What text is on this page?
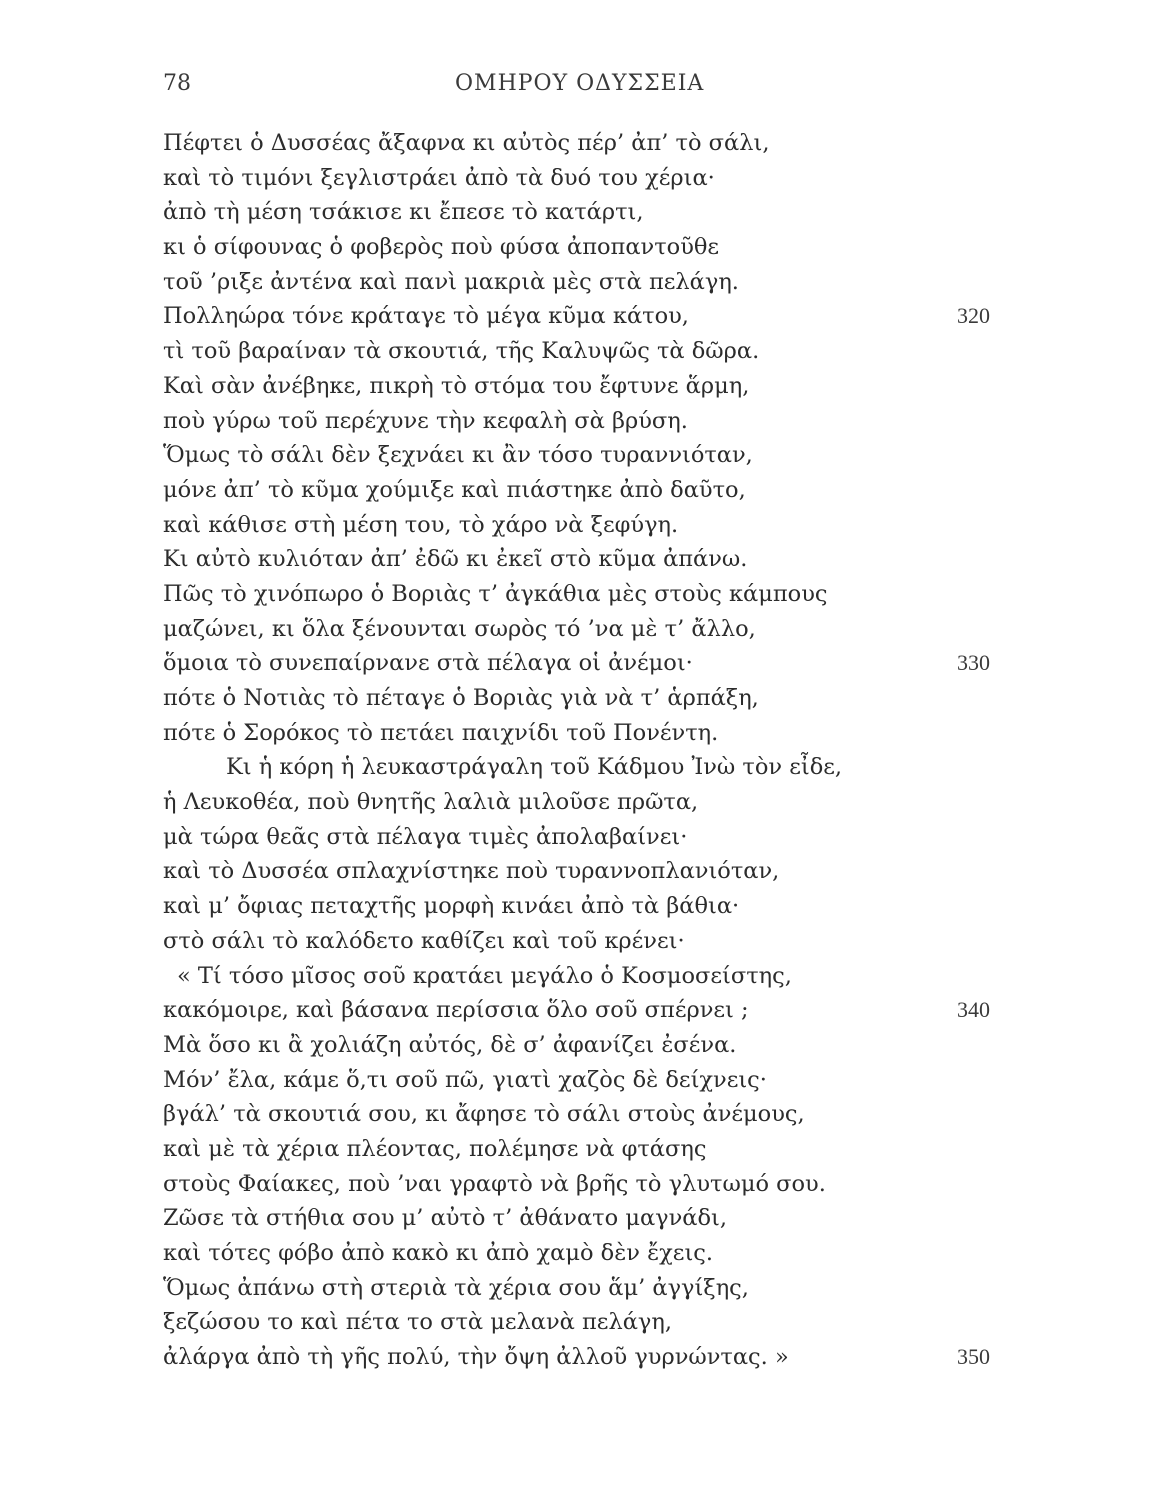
78	ΟΜΗΡΟΥ ΟΔΥΣΣΕΙΑ
Πέφτει ὁ Δυσσέας ἄξαφνα κι αὐτὸς πέρ’ ἀπ’ τὸ σάλι,
καὶ τὸ τιμόνι ξεγλιστράει ἀπὸ τὰ δυό του χέρια·
ἀπὸ τὴ μέση τσάκισε κι ἔπεσε τὸ κατάρτι,
κι ὁ σίφουνας ὁ φοβερὸς ποὺ φύσα ἀποπαντοῦθε
τοῦ ’ριξε ἀντένα καὶ πανὶ μακριὰ μὲς στὰ πελάγη.
Πολληώρα τόνε κράταγε τὸ μέγα κῦμα κάτου,	320
τὶ τοῦ βαραίναν τὰ σκουτιά, τῆς Καλυψῶς τὰ δῶρα.
Καὶ σὰν ἀνέβηκε, πικρὴ τὸ στόμα του ἔφτυνε ἅρμη,
ποὺ γύρω τοῦ περέχυνε τὴν κεφαλὴ σὰ βρύση.
Ὅμως τὸ σάλι δὲν ξεχνάει κι ἂν τόσο τυραννιόταν,
μόνε ἀπ’ τὸ κῦμα χούμιξε καὶ πιάστηκε ἀπὸ δαῦτο,
καὶ κάθισε στὴ μέση του, τὸ χάρο νὰ ξεφύγη.
Κι αὐτὸ κυλιόταν ἀπ’ ἐδῶ κι ἐκεῖ στὸ κῦμα ἀπάνω.
Πῶς τὸ χινόπωρο ὁ Βοριὰς τ’ ἀγκάθια μὲς στοὺς κάμπους
μαζώνει, κι ὅλα ξένουνται σωρὸς τό ’να μὲ τ’ ἄλλο,
ὅμοια τὸ συνεπαίρνανε στὰ πέλαγα οἱ ἀνέμοι·	330
πότε ὁ Νοτιὰς τὸ πέταγε ὁ Βοριὰς γιὰ νὰ τ’ ἁρπάξη,
πότε ὁ Σορόκος τὸ πετάει παιχνίδι τοῦ Πονέντη.
Κι ἡ κόρη ἡ λευκαστράγαλη τοῦ Κάδμου Ἰνὼ τὸν εἶδε,
ἡ Λευκοθέα, ποὺ θνητῆς λαλιὰ μιλοῦσε πρῶτα,
μὰ τώρα θεᾶς στὰ πέλαγα τιμὲς ἀπολαβαίνει·
καὶ τὸ Δυσσέα σπλαχνίστηκε ποὺ τυραννοπλανιόταν,
καὶ μ’ ὄφιας πεταχτῆς μορφὴ κινάει ἀπὸ τὰ βάθια·
στὸ σάλι τὸ καλόδετο καθίζει καὶ τοῦ κρένει·
« Τί τόσο μῖσος σοῦ κρατάει μεγάλο ὁ Κοσμοσείστης,
κακόμοιρε, καὶ βάσανα περίσσια ὅλο σοῦ σπέρνει ;	340
Μὰ ὅσο κι ἂ χολιάζη αὐτός, δὲ σ’ ἀφανίζει ἐσένα.
Μόν’ ἔλα, κάμε ὅ,τι σοῦ πῶ, γιατὶ χαζὸς δὲ δείχνεις·
βγάλ’ τὰ σκουτιά σου, κι ἄφησε τὸ σάλι στοὺς ἀνέμους,
καὶ μὲ τὰ χέρια πλέοντας, πολέμησε νὰ φτάσης
στοὺς Φαίακες, ποὺ ’ναι γραφτὸ νὰ βρῆς τὸ γλυτωμό σου.
Ζῶσε τὰ στήθια σου μ’ αὐτὸ τ’ ἀθάνατο μαγνάδι,
καὶ τότες φόβο ἀπὸ κακὸ κι ἀπὸ χαμὸ δὲν ἔχεις.
Ὅμως ἀπάνω στὴ στεριὰ τὰ χέρια σου ἅμ’ ἀγγίξης,
ξεζώσου το καὶ πέτα το στὰ μελανὰ πελάγη,
ἀλάργα ἀπὸ τὴ γῆς πολύ, τὴν ὄψη ἀλλοῦ γυρνώντας. »	350
